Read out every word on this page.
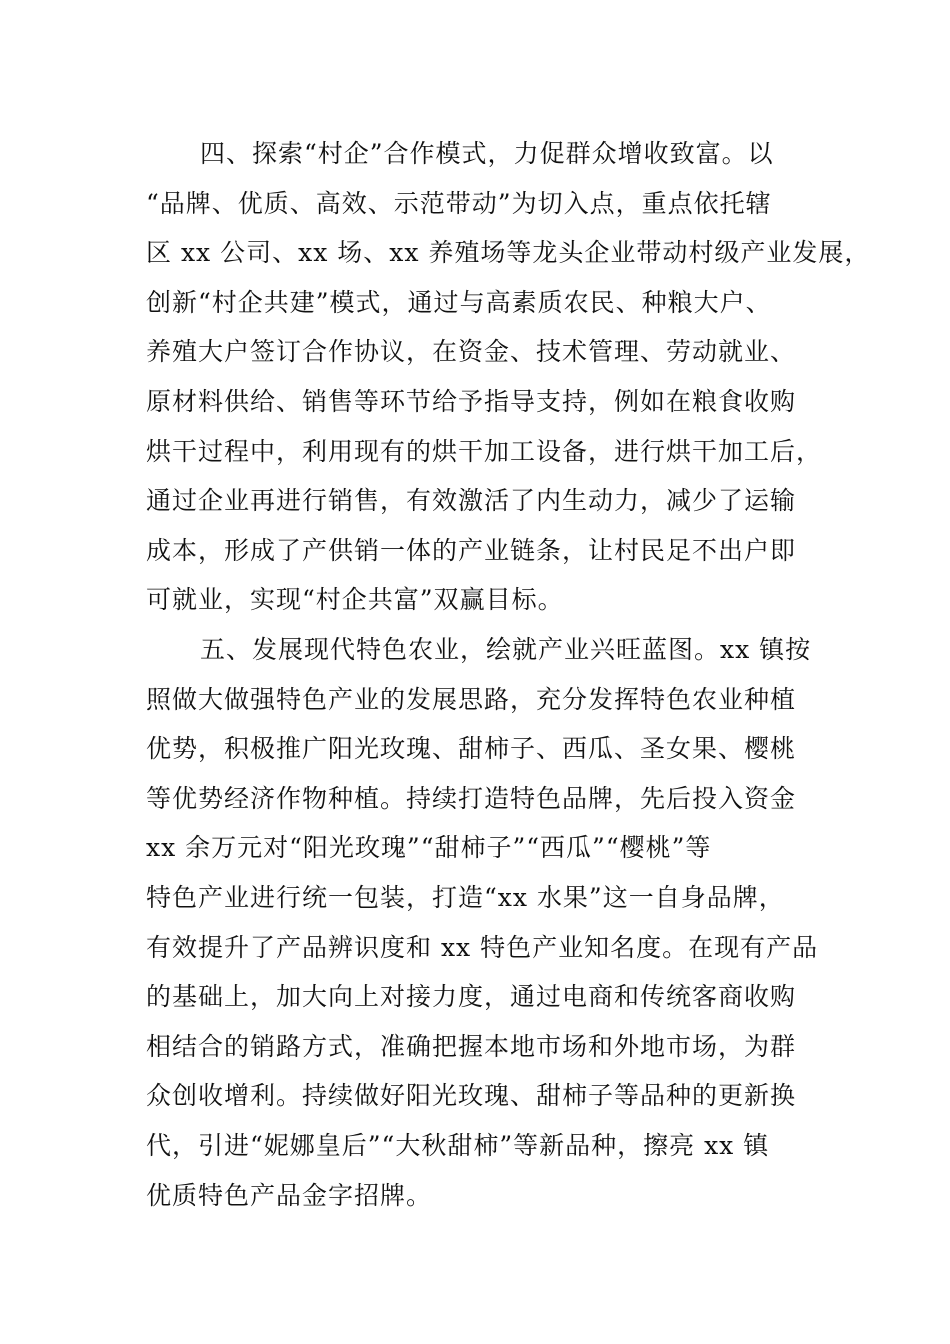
四、探索“村企”合作模式，力促群众增收致富。以
“品牌、优质、高效、示范带动”为切入点，重点依托辖
区 xx 公司、xx 场、xx 养殖场等龙头企业带动村级产业发展，
创新“村企共建”模式，通过与高素质农民、种粮大户、
养殖大户签订合作协议，在资金、技术管理、劳动就业、
原材料供给、销售等环节给予指导支持，例如在粮食收购
烘干过程中，利用现有的烘干加工设备，进行烘干加工后，
通过企业再进行销售，有效激活了内生动力，减少了运输
成本，形成了产供销一体的产业链条，让村民足不出户即
可就业，实现“村企共富”双赢目标。
五、发展现代特色农业，绘就产业兴旺蓝图。xx 镇按
照做大做强特色产业的发展思路，充分发挥特色农业种植
优势，积极推广阳光玫瑰、甜柿子、西瓜、圣女果、樱桃
等优势经济作物种植。持续打造特色品牌，先后投入资金
xx 余万元对“阳光玫瑰”“甜柿子”“西瓜”“樱桃”等
特色产业进行统一包装，打造“xx 水果”这一自身品牌，
有效提升了产品辨识度和 xx 特色产业知名度。在现有产品
的基础上，加大向上对接力度，通过电商和传统客商收购
相结合的销路方式，准确把握本地市场和外地市场，为群
众创收增利。持续做好阳光玫瑰、甜柿子等品种的更新换
代，引进“妮娜皇后”“大秋甜柿”等新品种，擦亮 xx 镇
优质特色产品金字招牌。
